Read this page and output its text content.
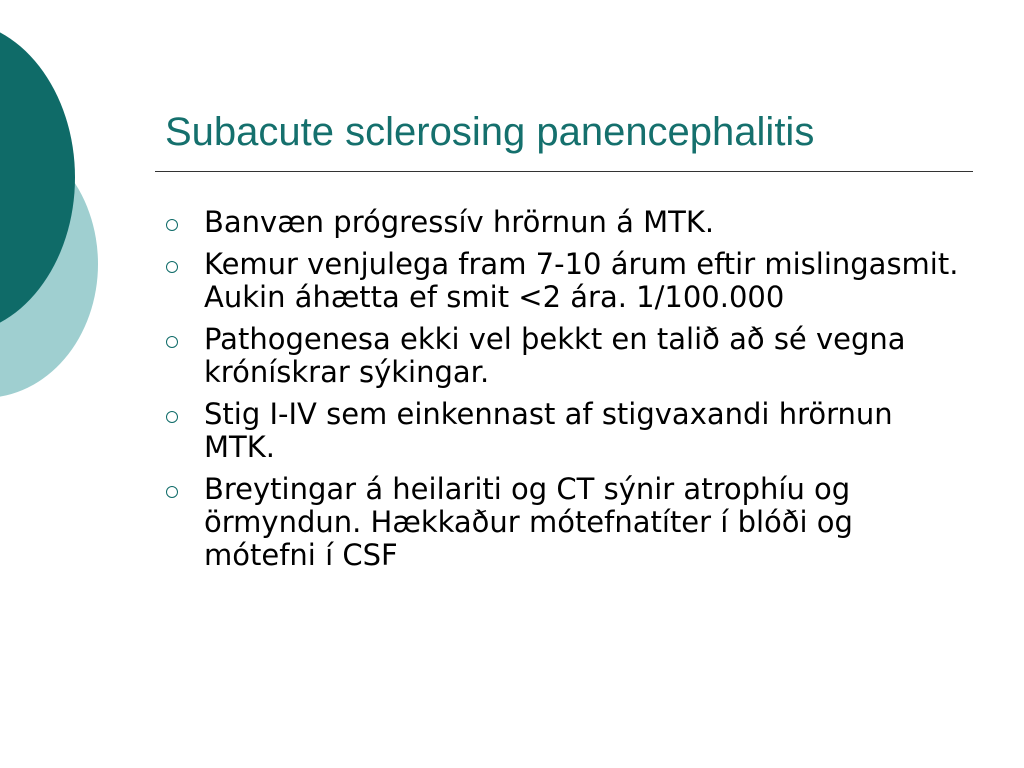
Subacute sclerosing panencephalitis
Banvæn prógressív hrörnun á MTK.
Kemur venjulega fram 7-10 árum eftir mislingasmit. Aukin áhætta ef smit <2 ára. 1/100.000
Pathogenesa ekki vel þekkt en talið að sé vegna krónískrar sýkingar.
Stig I-IV sem einkennast af stigvaxandi hrörnun MTK.
Breytingar á heilariti og CT sýnir atrophíu og örmyndun. Hækkaður mótefnatíter í blóði og mótefni í CSF
